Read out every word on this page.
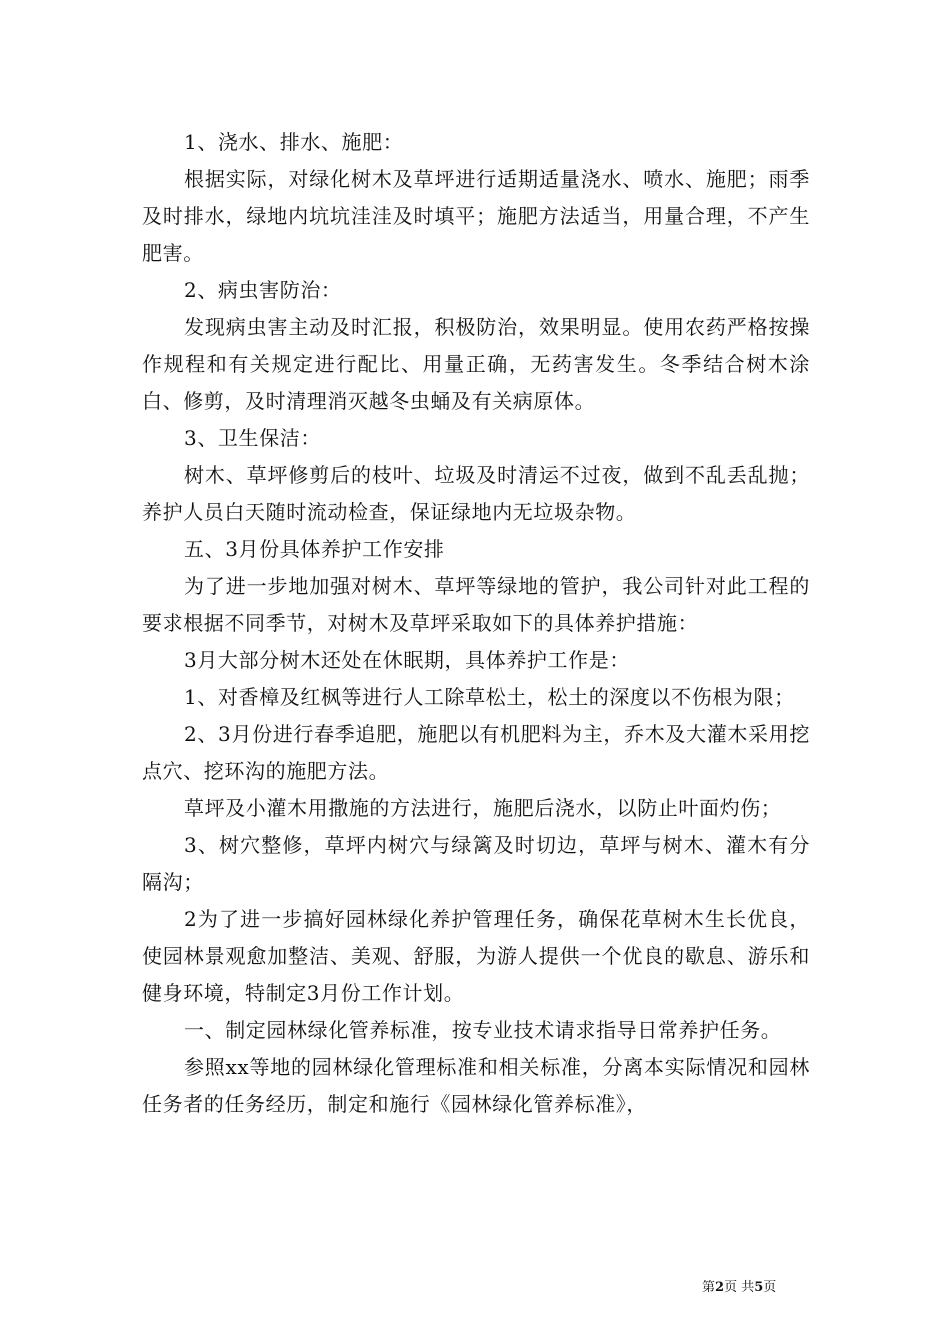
1、浇水、排水、施肥：

根据实际，对绿化树木及草坪进行适期适量浇水、喷水、施肥；雨季及时排水，绿地内坑坑洼洼及时填平；施肥方法适当，用量合理，不产生肥害。

2、病虫害防治：

发现病虫害主动及时汇报，积极防治，效果明显。使用农药严格按操作规程和有关规定进行配比、用量正确，无药害发生。冬季结合树木涂白、修剪，及时清理消灭越冬虫蛹及有关病原体。

3、卫生保洁：

树木、草坪修剪后的枝叶、垃圾及时清运不过夜，做到不乱丢乱抛；养护人员白天随时流动检查，保证绿地内无垃圾杂物。

五、3月份具体养护工作安排

为了进一步地加强对树木、草坪等绿地的管护，我公司针对此工程的要求根据不同季节，对树木及草坪采取如下的具体养护措施：

3月大部分树木还处在休眠期，具体养护工作是：

1、对香樟及红枫等进行人工除草松土，松土的深度以不伤根为限；

2、3月份进行春季追肥，施肥以有机肥料为主，乔木及大灌木采用挖点穴、挖环沟的施肥方法。

草坪及小灌木用撒施的方法进行，施肥后浇水，以防止叶面灼伤；

3、树穴整修，草坪内树穴与绿篱及时切边，草坪与树木、灌木有分隔沟；

2为了进一步搞好园林绿化养护管理任务，确保花草树木生长优良，使园林景观愈加整洁、美观、舒服，为游人提供一个优良的歇息、游乐和健身环境，特制定3月份工作计划。

一、制定园林绿化管养标准，按专业技术请求指导日常养护任务。

参照xx等地的园林绿化管理标准和相关标准，分离本实际情况和园林任务者的任务经历，制定和施行《园林绿化管养标准》，

第2页 共5页
